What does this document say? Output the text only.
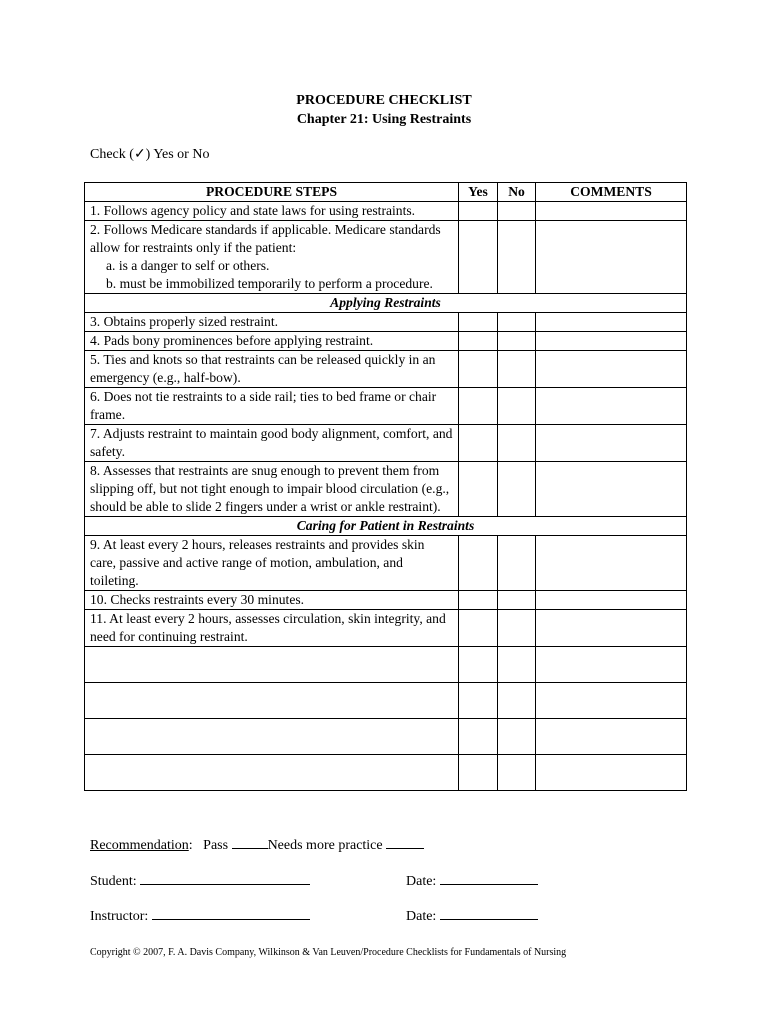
PROCEDURE CHECKLIST
Chapter 21: Using Restraints
Check (✓) Yes or No
PROCEDURE STEPS	Yes	No	COMMENTS
1. Follows agency policy and state laws for using restraints.			
2. Follows Medicare standards if applicable. Medicare standards allow for restraints only if the patient:
a. is a danger to self or others.
b. must be immobilized temporarily to perform a procedure.			

Applying Restraints			
3. Obtains properly sized restraint.			
4. Pads bony prominences before applying restraint.			
5. Ties and knots so that restraints can be released quickly in an emergency (e.g., half-bow).			
6. Does not tie restraints to a side rail; ties to bed frame or chair frame.			
7. Adjusts restraint to maintain good body alignment, comfort, and safety.			
8. Assesses that restraints are snug enough to prevent them from slipping off, but not tight enough to impair blood circulation (e.g., should be able to slide 2 fingers under a wrist or ankle restraint).			
Caring for Patient in Restraints			
9. At least every 2 hours, releases restraints and provides skin care, passive and active range of motion, ambulation, and toileting.			
10. Checks restraints every 30 minutes.			
11. At least every 2 hours, assesses circulation, skin integrity, and need for continuing restraint.			

Recommendation:   Pass	Needs more practice
Student:	Date:
Instructor:	Date:
Copyright © 2007, F. A. Davis Company, Wilkinson & Van Leuven/Procedure Checklists for Fundamentals of Nursing
